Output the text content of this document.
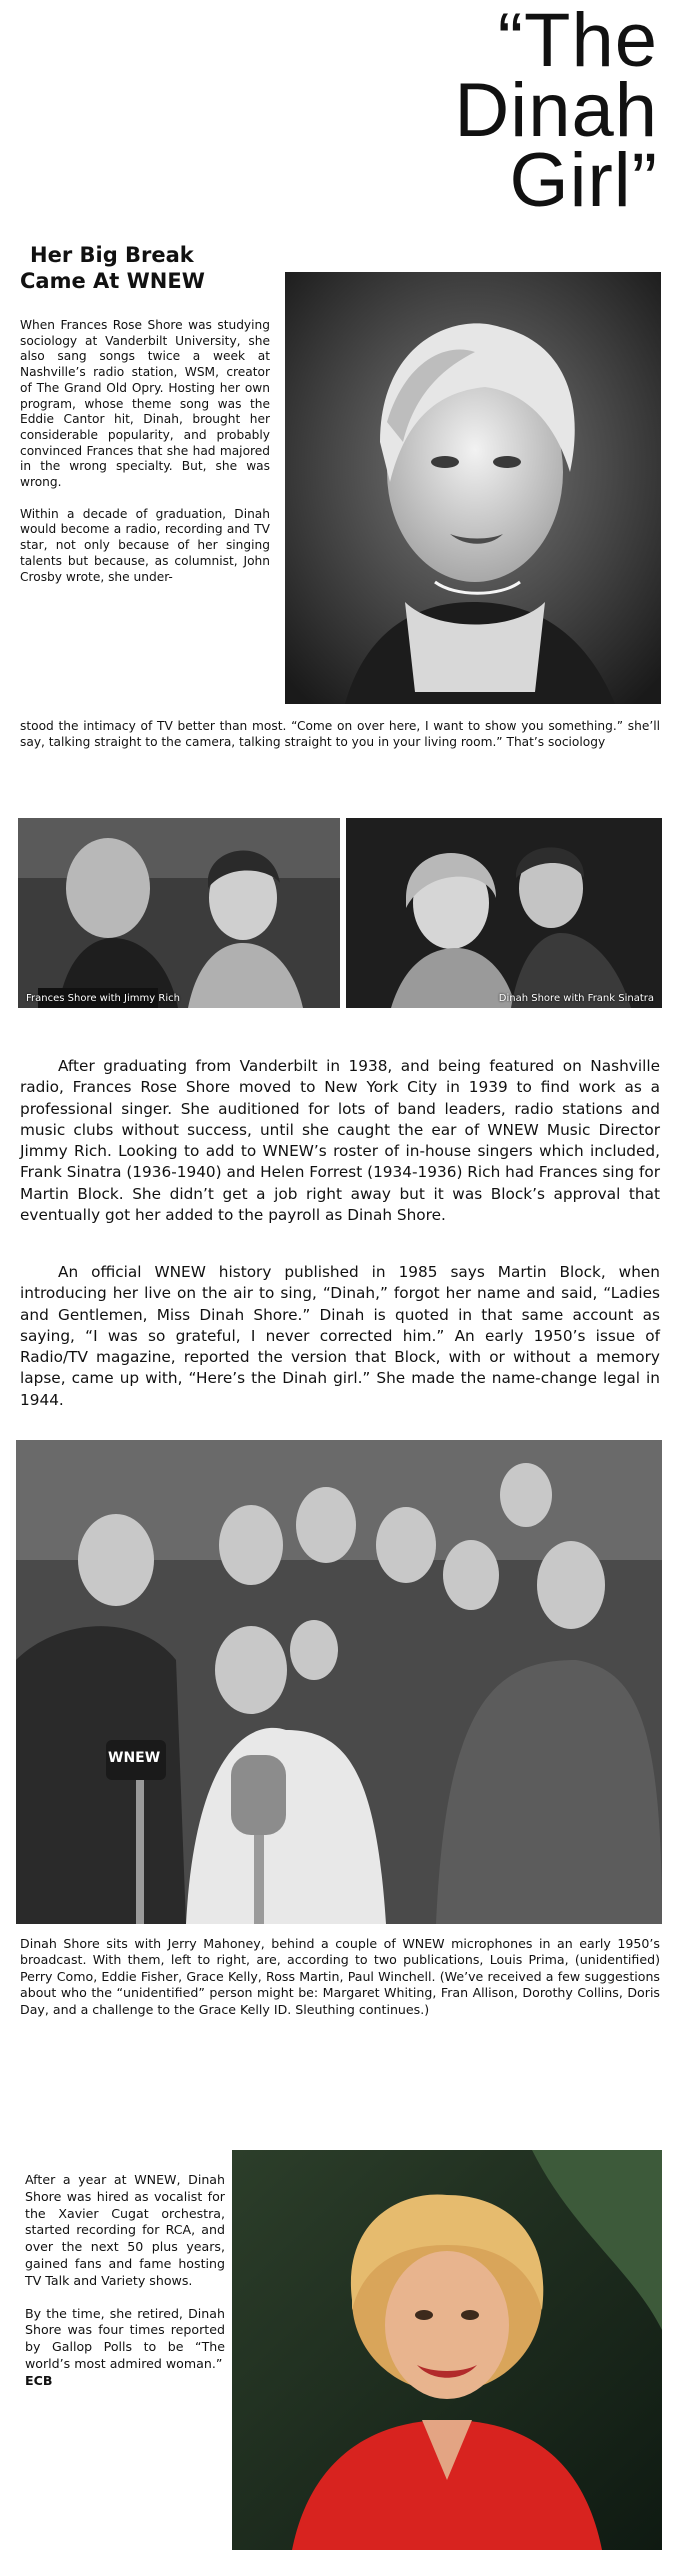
“The
Dinah
Girl”
Her Big Break
Came At WNEW

When Frances Rose Shore was studying sociology at Vanderbilt University, she also sang songs twice a week at Nashville’s radio station, WSM, creator of The Grand Old Opry. Hosting her own program, whose theme song was the Eddie Cantor hit, Dinah, brought her considerable popularity, and probably convinced Frances that she had majored in the wrong specialty. But, she was wrong.

Within a decade of graduation, Dinah would become a radio, recording and TV star, not only because of her singing talents but because, as columnist, John Crosby wrote, she under-

stood the intimacy of TV better than most. “Come on over here, I want to show you something.” she’ll say, talking straight to the camera, talking straight to you in your living room.” That’s sociology

Frances Shore with Jimmy Rich	Dinah Shore with Frank Sinatra

After graduating from Vanderbilt in 1938, and being featured on Nashville radio, Frances Rose Shore moved to New York City in 1939 to find work as a professional singer. She auditioned for lots of band leaders, radio stations and music clubs without success, until she caught the ear of WNEW Music Director Jimmy Rich. Looking to add to WNEW’s roster of in-house singers which included, Frank Sinatra (1936-1940) and Helen Forrest (1934-1936) Rich had Frances sing for Martin Block. She didn’t get a job right away but it was Block’s approval that eventually got her added to the payroll as Dinah Shore.

An official WNEW history published in 1985 says Martin Block, when introducing her live on the air to sing, “Dinah,” forgot her name and said, “Ladies and Gentlemen, Miss Dinah Shore.” Dinah is quoted in that same account as saying, “I was so grateful, I never corrected him.” An early 1950’s issue of Radio/TV magazine, reported the version that Block, with or without a memory lapse, came up with, “Here’s the Dinah girl.” She made the name-change legal in 1944.

WNEW
Dinah Shore sits with Jerry Mahoney, behind a couple of WNEW microphones in an early 1950’s broadcast. With them, left to right, are, according to two publications, Louis Prima, (unidentified) Perry Como, Eddie Fisher, Grace Kelly, Ross Martin, Paul Winchell. (We’ve received a few suggestions about who the “unidentified” person might be: Margaret Whiting, Fran Allison, Dorothy Collins, Doris Day, and a challenge to the Grace Kelly ID. Sleuthing continues.)

After a year at WNEW, Dinah Shore was hired as vocalist for the Xavier Cugat orchestra, started recording for RCA, and over the next 50 plus years, gained fans and fame hosting TV Talk and Variety shows.

By the time, she retired, Dinah Shore was four times reported by Gallop Polls to be “The world’s most admired woman.”

ECB
